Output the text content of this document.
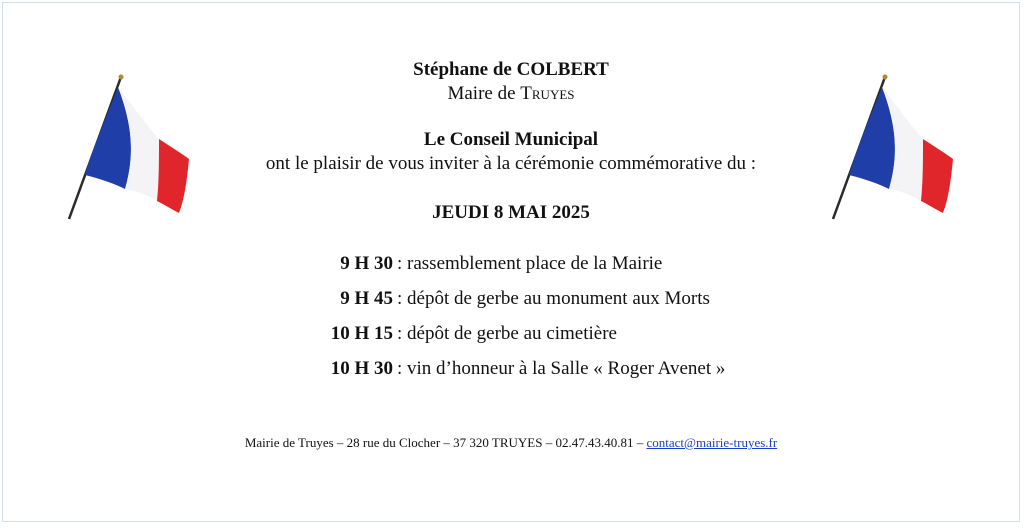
Stéphane de COLBERT
Maire de Truyes
Le Conseil Municipal
ont le plaisir de vous inviter à la cérémonie commémorative du :
JEUDI 8 MAI 2025
9 H 30 : rassemblement place de la Mairie
9 H 45 : dépôt de gerbe au monument aux Morts
10 H 15 : dépôt de gerbe au cimetière
10 H 30 : vin d’honneur à la Salle « Roger Avenet »
Mairie de Truyes – 28 rue du Clocher – 37 320 TRUYES – 02.47.43.40.81 – contact@mairie-truyes.fr
